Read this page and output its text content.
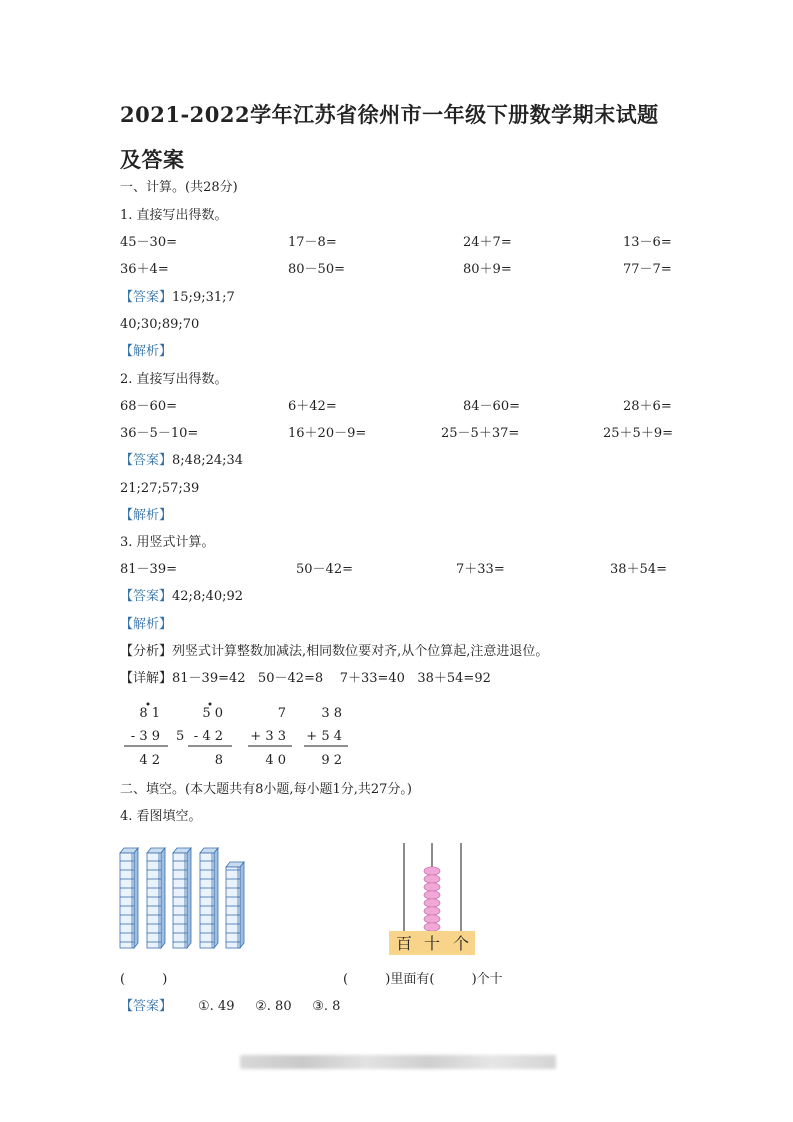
2021-2022学年江苏省徐州市一年级下册数学期末试题及答案
一、计算。(共28分)
1. 直接写出得数。
45－30=	17－8=	24＋7=	13－6=
36＋4=	80－50=	80＋9=	77－7=
【答案】15;9;31;7
40;30;89;70
【解析】
2. 直接写出得数。
68－60=	6＋42=	84－60=	28＋6=
36－5－10=	16＋20－9=	25－5＋37=	25＋5＋9=
【答案】8;48;24;34
21;27;57;39
【解析】
3. 用竖式计算。
81－39=	50－42=	7＋33=	38＋54=
【答案】42;8;40;92
【解析】
【分析】列竖式计算整数加减法,相同数位要对齐,从个位算起,注意进退位。
【详解】81－39=42   50－42=8    7＋33=40   38＋54=92
8 1
- 3 9
4 2
5
5 0
- 4 2
8
7
+ 3 3
4 0
3 8
+ 5 4
9 2
二、填空。(本大题共有8小题,每小题1分,共27分。)
4. 看图填空。
百 十 个
(         )	(         )里面有(         )个十
【答案】 ①. 49     ②. 80     ③. 8
